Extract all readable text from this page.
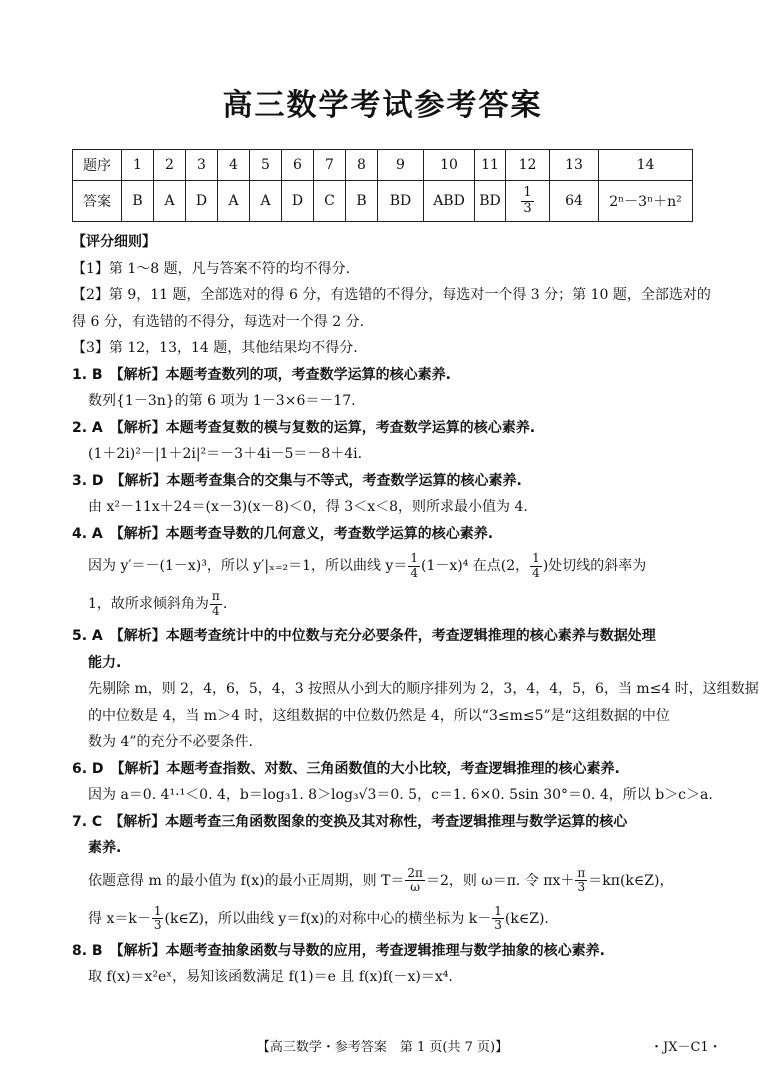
高三数学考试参考答案
题序	1	2	3	4	5	6	7	8	9	10	11	12	13	14
答案	B	A	D	A	A	D	C	B	BD	ABD	BD	$\frac{1}{3}$	64	2ⁿ－3ⁿ＋n²
【评分细则】
【1】第 1～8 题，凡与答案不符的均不得分.
【2】第 9，11 题，全部选对的得 6 分，有选错的不得分，每选对一个得 3 分；第 10 题，全部选对的
得 6 分，有选错的不得分，每选对一个得 2 分.
【3】第 12，13，14 题，其他结果均不得分.
1. B　【解析】本题考查数列的项，考查数学运算的核心素养.
数列{1－3n}的第 6 项为 1－3×6＝－17.
2. A　【解析】本题考查复数的模与复数的运算，考查数学运算的核心素养.
(1＋2i)²－|1＋2i|²＝－3＋4i－5＝－8＋4i.
3. D　【解析】本题考查集合的交集与不等式，考查数学运算的核心素养.
由 x²－11x＋24＝(x－3)(x－8)＜0，得 3＜x＜8，则所求最小值为 4.
4. A　【解析】本题考查导数的几何意义，考查数学运算的核心素养.
因为 y′＝－(1－x)³，所以 y′|ₓ₌₂＝1，所以曲线 $y= \frac{1}{4} (1-x)^4$ 在点(2， $\frac{1}{4}$ )处切线的斜率为
1，故所求倾斜角为 $\frac{\pi}{4}$ .
5. A　【解析】本题考查统计中的中位数与充分必要条件，考查逻辑推理的核心素养与数据处理
能力.
先剔除 m，则 2，4，6，5，4，3 按照从小到大的顺序排列为 2，3，4，4，5，6，当 m≤4 时，这组数据
的中位数是 4，当 m＞4 时，这组数据的中位数仍然是 4，所以“3≤m≤5”是“这组数据的中位
数为 4”的充分不必要条件.
6. D　【解析】本题考查指数、对数、三角函数值的大小比较，考查逻辑推理的核心素养.
因为 a＝0. 4¹·¹＜0. 4，b＝log₃1. 8＞log₃√3＝0. 5，c＝1. 6×0. 5sin 30°＝0. 4，所以 b＞c＞a.
7. C　【解析】本题考查三角函数图象的变换及其对称性，考查逻辑推理与数学运算的核心
素养.
依题意得 m 的最小值为 f(x)的最小正周期，则 $T= \frac{2\pi}{\omega} =2$，则 ω＝π. 令 $\pi x+ \frac{\pi}{3}$ ＝kπ(k∈Z)，
得 $x=k- \frac{1}{3}$ (k∈Z)，所以曲线 y＝f(x)的对称中心的横坐标为 $k- \frac{1}{3}$ (k∈Z).
8. B　【解析】本题考查抽象函数与导数的应用，考查逻辑推理与数学抽象的核心素养.
取 f(x)＝x²eˣ，易知该函数满足 f(1)＝e 且 f(x)f(－x)＝x⁴.
【高三数学・参考答案　第 1 页(共 7 页)】	・JX－C1・
